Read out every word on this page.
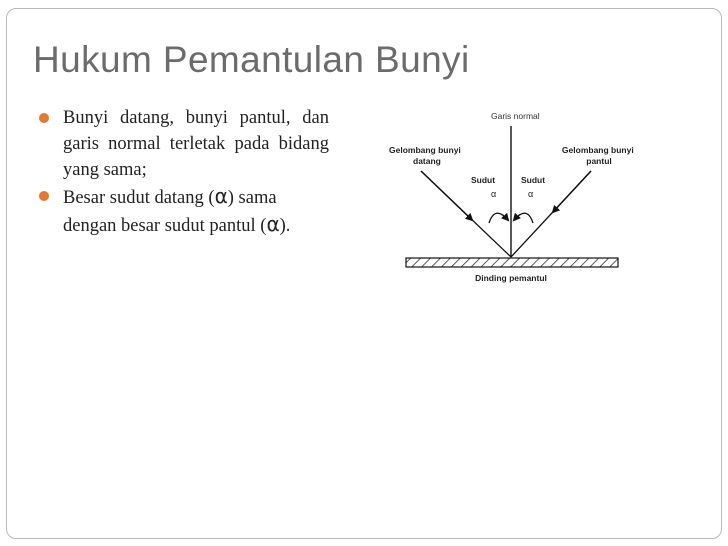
Hukum Pemantulan Bunyi
Bunyi datang, bunyi pantul, dan garis normal terletak pada bidang yang sama;
Besar sudut datang (α) sama dengan besar sudut pantul (α).
Garis normal
Gelombang bunyi datang
Gelombang bunyi pantul
Sudut
α
Sudut
α
Dinding pemantul
